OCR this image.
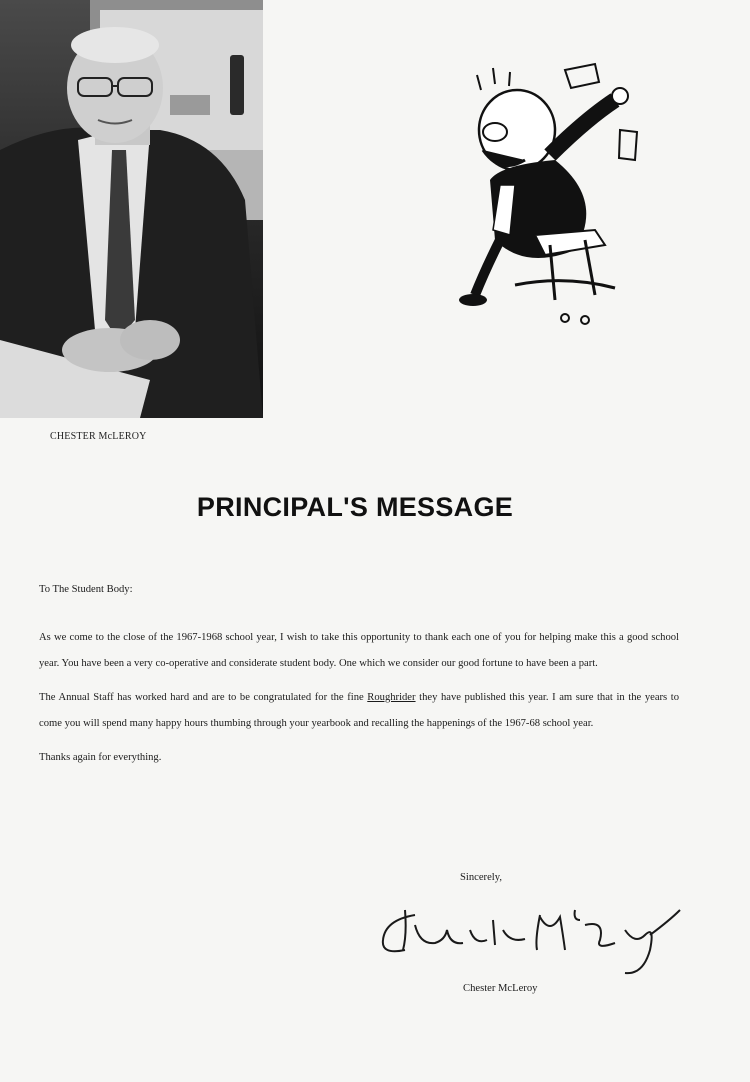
CHESTER McLEROY
PRINCIPAL'S MESSAGE

To The Student Body:

As we come to the close of the 1967-1968 school year, I wish to take this opportunity to thank each one of you for helping make this a good school year. You have been a very co-operative and considerate student body. One which we consider our good fortune to have been a part.

The Annual Staff has worked hard and are to be congratulated for the fine Roughrider they have published this year. I am sure that in the years to come you will spend many happy hours thumbing through your yearbook and recalling the happenings of the 1967-68 school year.

Thanks again for everything.

Sincerely,
Chester McLeroy
